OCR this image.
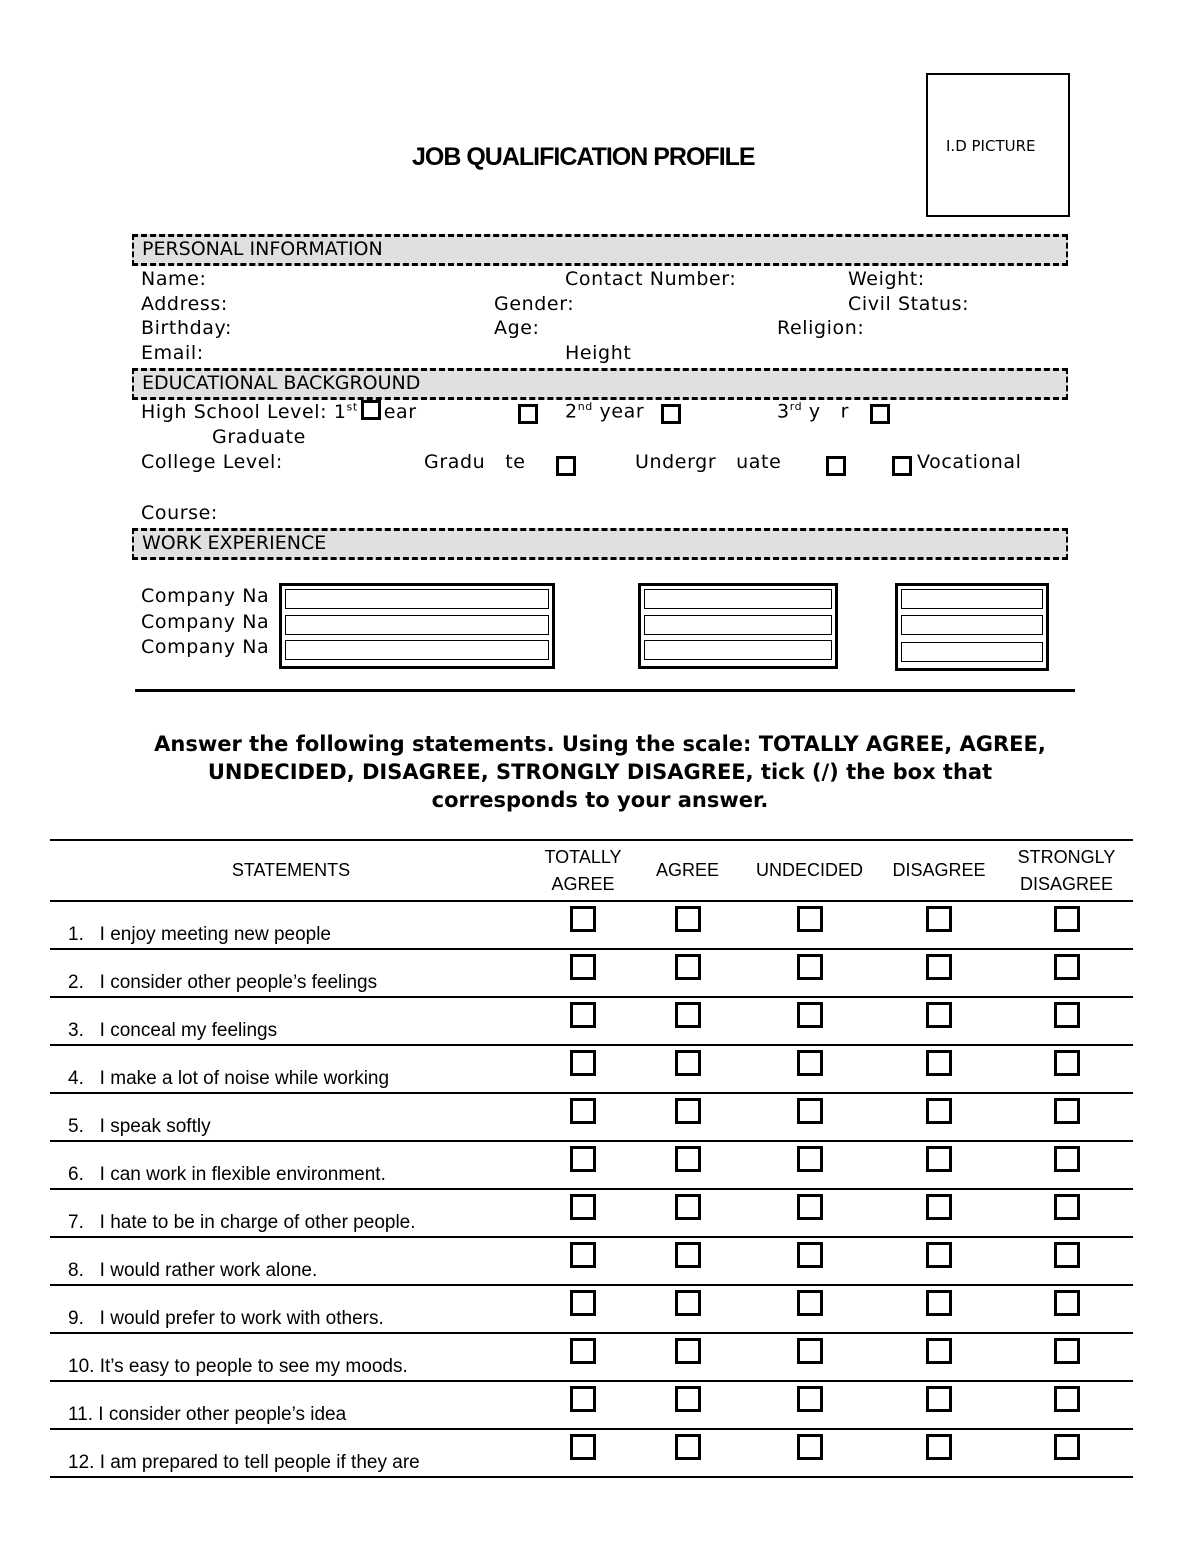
I.D PICTURE
JOB QUALIFICATION PROFILE
PERSONAL INFORMATION
Name:	Contact Number:	Weight:
Address:	Gender:	Civil Status:
Birthday:	Age:	Religion:
Email:	Height
EDUCATIONAL BACKGROUND
High School Level: 1st ear	2nd year	3rd y   r
Graduate
College Level:	Gradu   te	Undergr   uate	Vocational
Course:
WORK EXPERIENCE
Company Na
Company Na
Company Na
Answer the following statements. Using the scale: TOTALLY AGREE, AGREE, UNDECIDED, DISAGREE, STRONGLY DISAGREE, tick (/) the box that corresponds to your answer.
STATEMENTS	TOTALLY AGREE	AGREE	UNDECIDED	DISAGREE	STRONGLY DISAGREE
1.   I enjoy meeting new people					
2.   I consider other people’s feelings					
3.   I conceal my feelings					
4.   I make a lot of noise while working					
5.   I speak softly					
6.   I can work in flexible environment.					
7.   I hate to be in charge of other people.					
8.   I would rather work alone.					
9.   I would prefer to work with others.					
10. It’s easy to people to see my moods.					
11. I consider other people’s idea					
12. I am prepared to tell people if they are					
